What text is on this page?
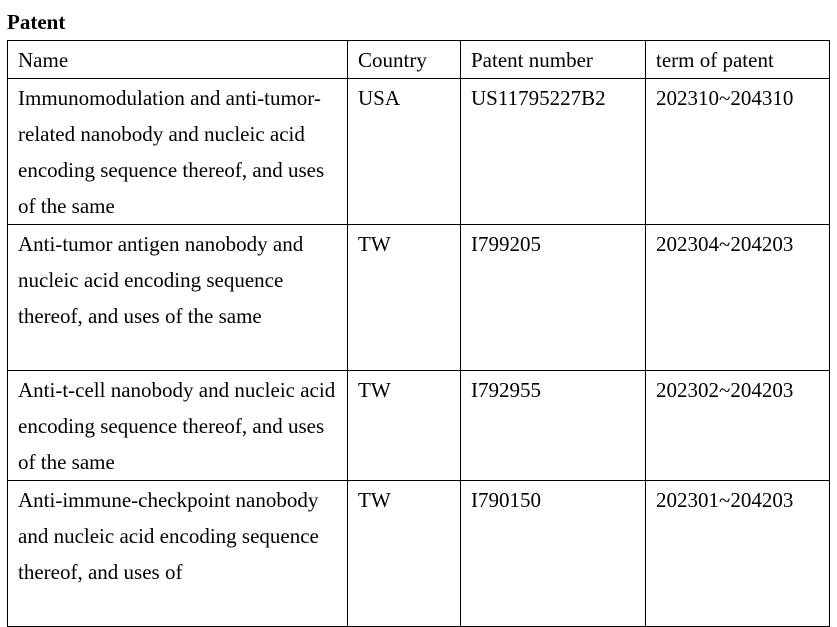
Patent
Name	Country	Patent number	term of patent
Immunomodulation and anti-tumor-related nanobody and nucleic acid encoding sequence thereof, and uses of the same	USA	US11795227B2	202310~204310
Anti-tumor antigen nanobody and nucleic acid encoding sequence thereof, and uses of the same	TW	I799205	202304~204203
Anti-t-cell nanobody and nucleic acid encoding sequence thereof, and uses of the same	TW	I792955	202302~204203
Anti-immune-checkpoint nanobody and nucleic acid encoding sequence thereof, and uses of	TW	I790150	202301~204203
